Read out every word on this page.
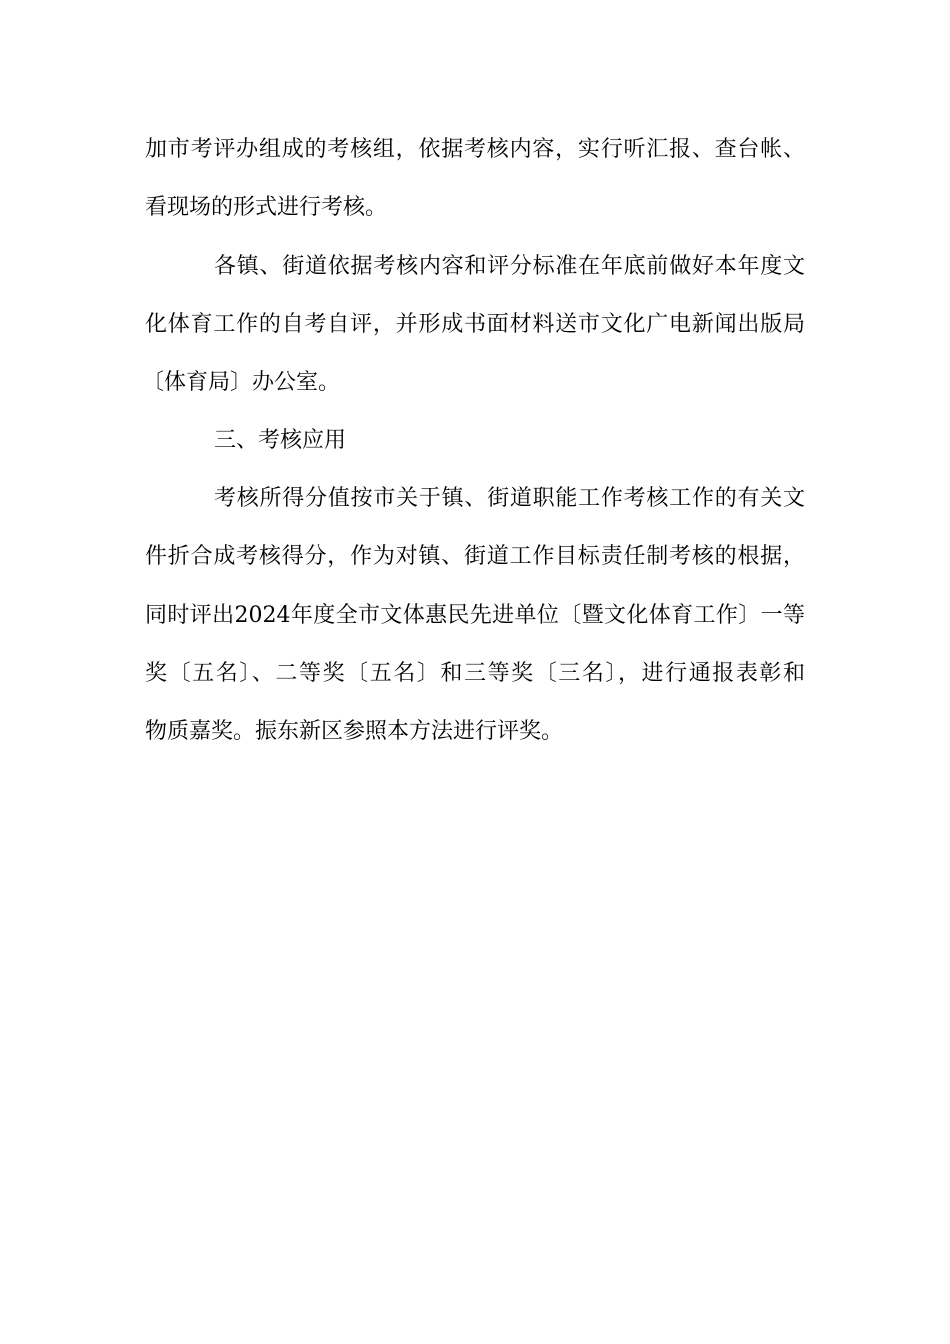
加市考评办组成的考核组，依据考核内容，实行听汇报、查台帐、
看现场的形式进行考核。
各镇、街道依据考核内容和评分标准在年底前做好本年度文
化体育工作的自考自评，并形成书面材料送市文化广电新闻出版局
〔体育局〕办公室。
三、考核应用
考核所得分值按市关于镇、街道职能工作考核工作的有关文
件折合成考核得分，作为对镇、街道工作目标责任制考核的根据，
同时评出2024年度全市文体惠民先进单位〔暨文化体育工作〕一等
奖〔五名〕、二等奖〔五名〕和三等奖〔三名〕，进行通报表彰和
物质嘉奖。振东新区参照本方法进行评奖。
